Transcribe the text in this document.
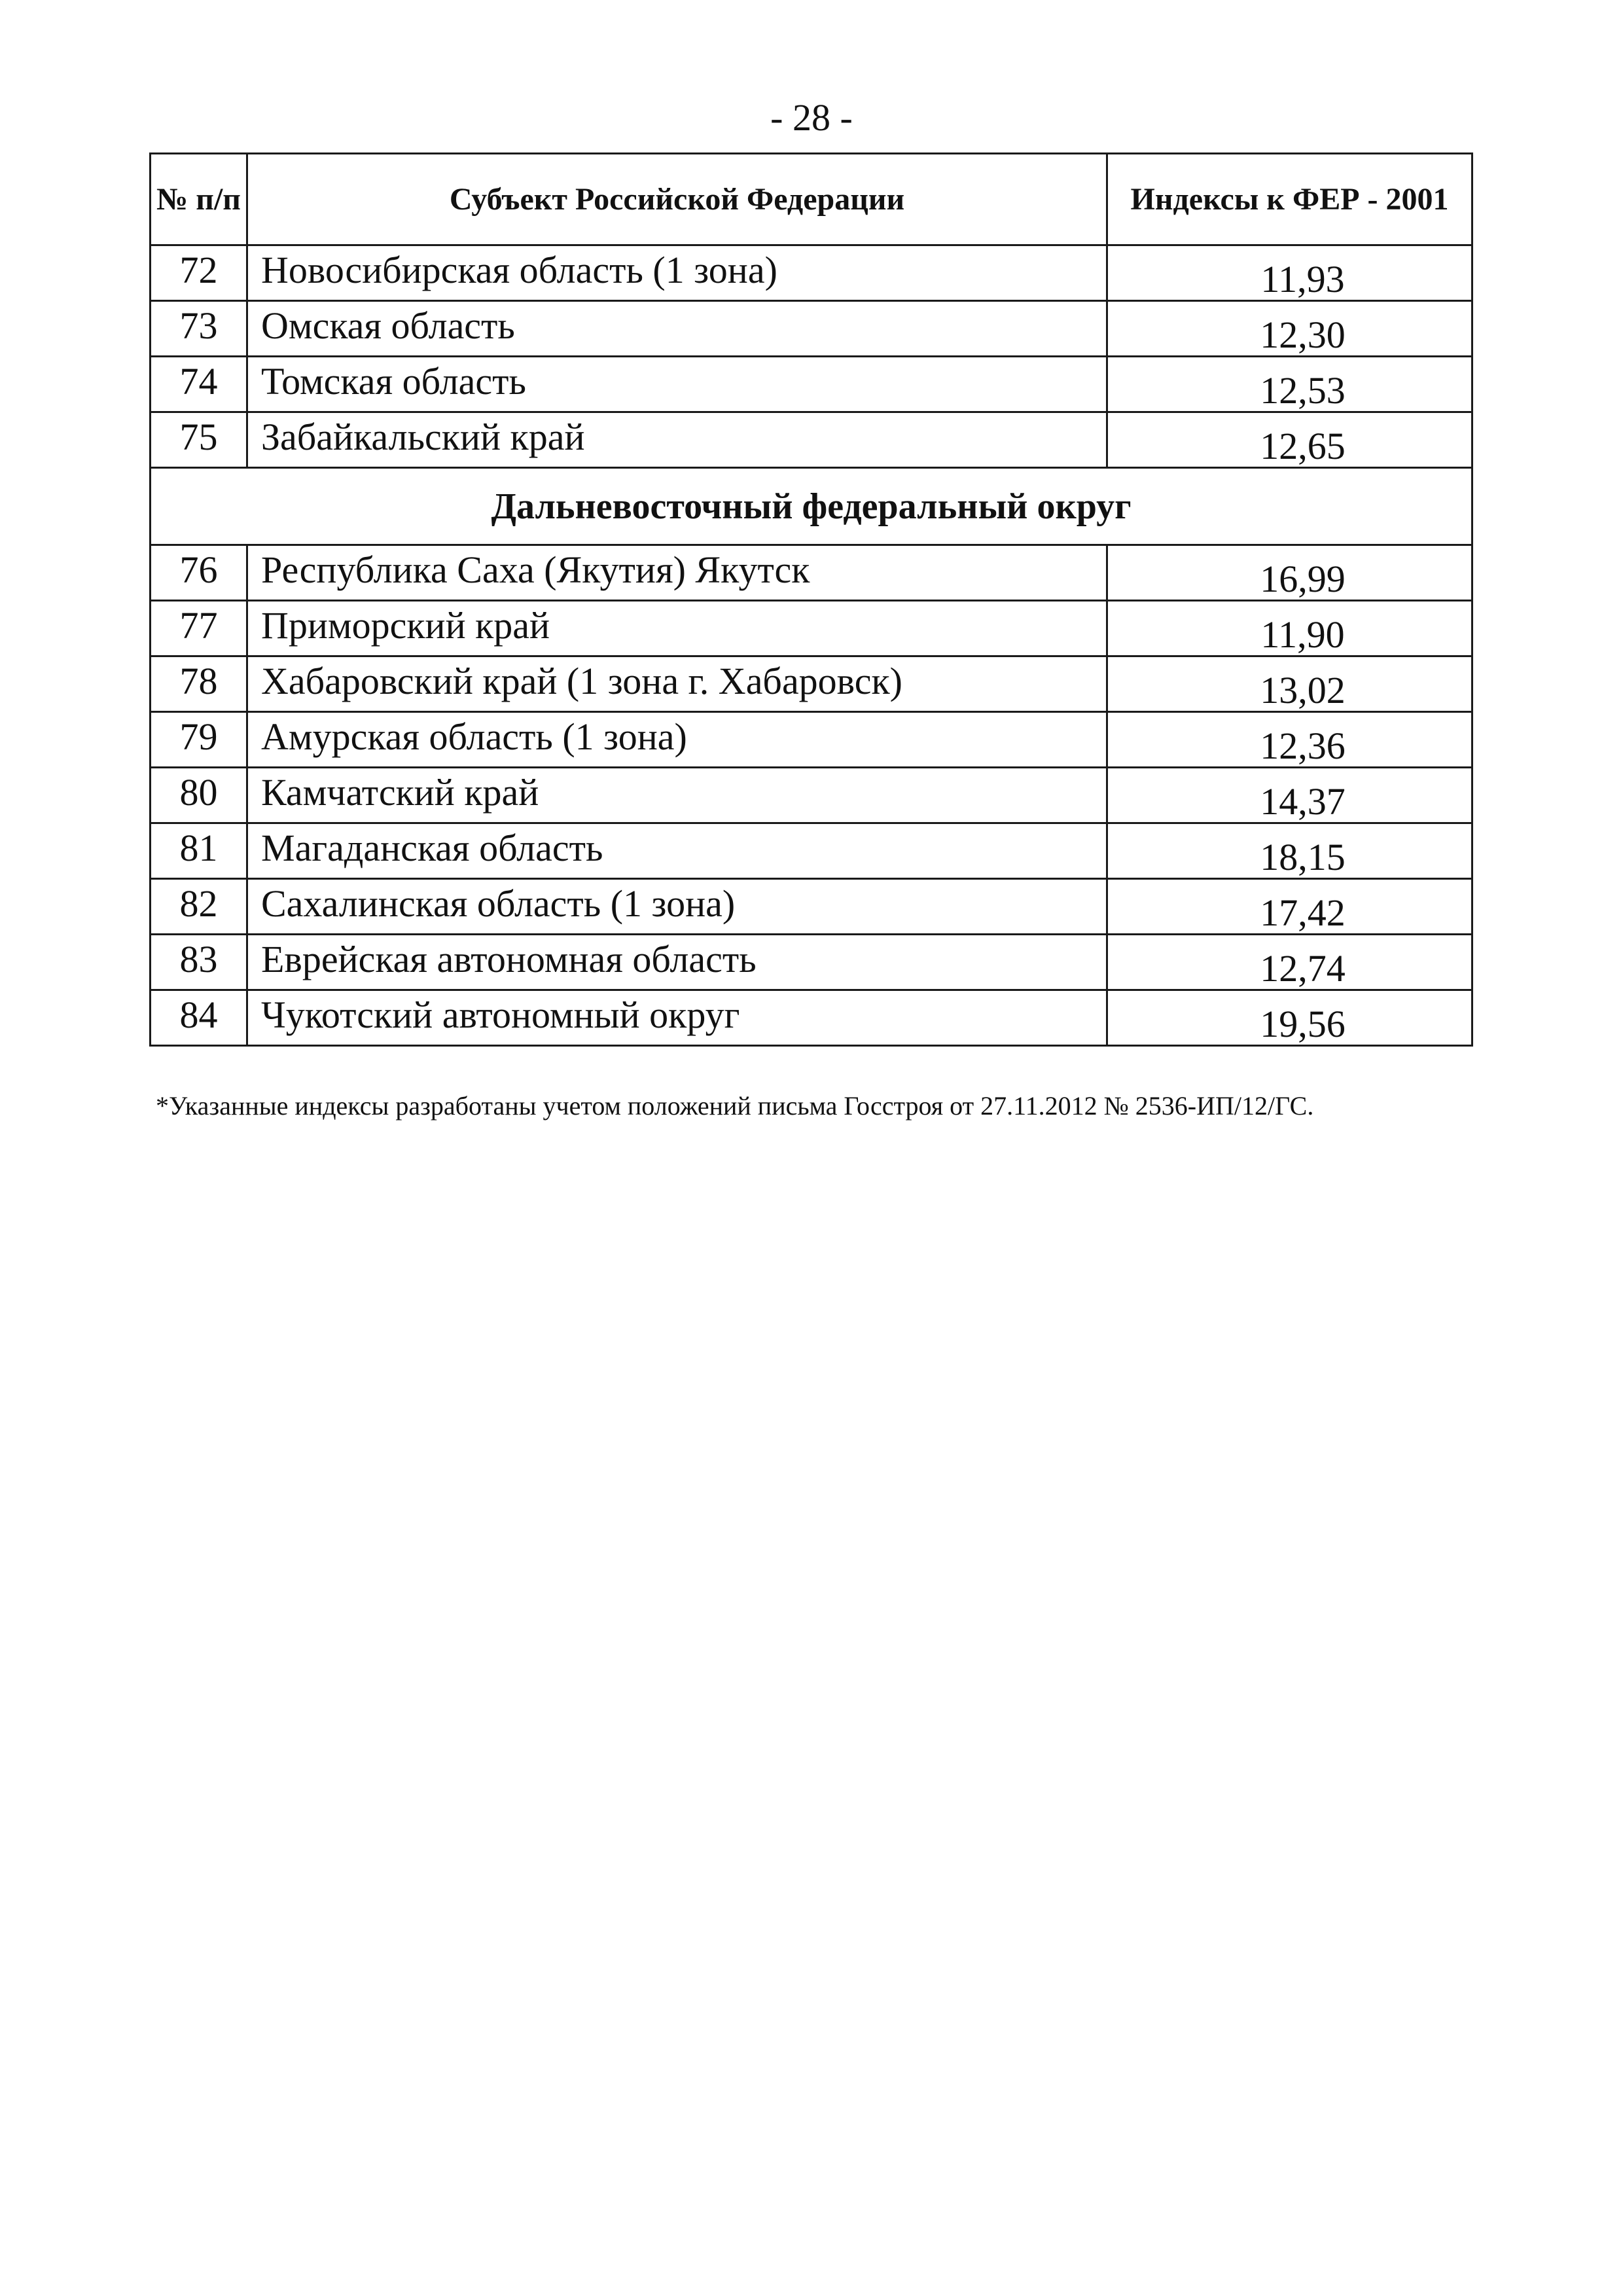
- 28 -
№ п/п	Субъект Российской Федерации	Индексы к ФЕР - 2001
72	Новосибирская область (1 зона)	11,93
73	Омская область	12,30
74	Томская область	12,53
75	Забайкальский край	12,65
Дальневосточный федеральный округ		
76	Республика Саха (Якутия) Якутск	16,99
77	Приморский край	11,90
78	Хабаровский край (1 зона г. Хабаровск)	13,02
79	Амурская область (1 зона)	12,36
80	Камчатский край	14,37
81	Магаданская область	18,15
82	Сахалинская область (1 зона)	17,42
83	Еврейская автономная область	12,74
84	Чукотский автономный округ	19,56
*Указанные индексы разработаны учетом положений письма Госстроя от 27.11.2012 № 2536-ИП/12/ГС.
